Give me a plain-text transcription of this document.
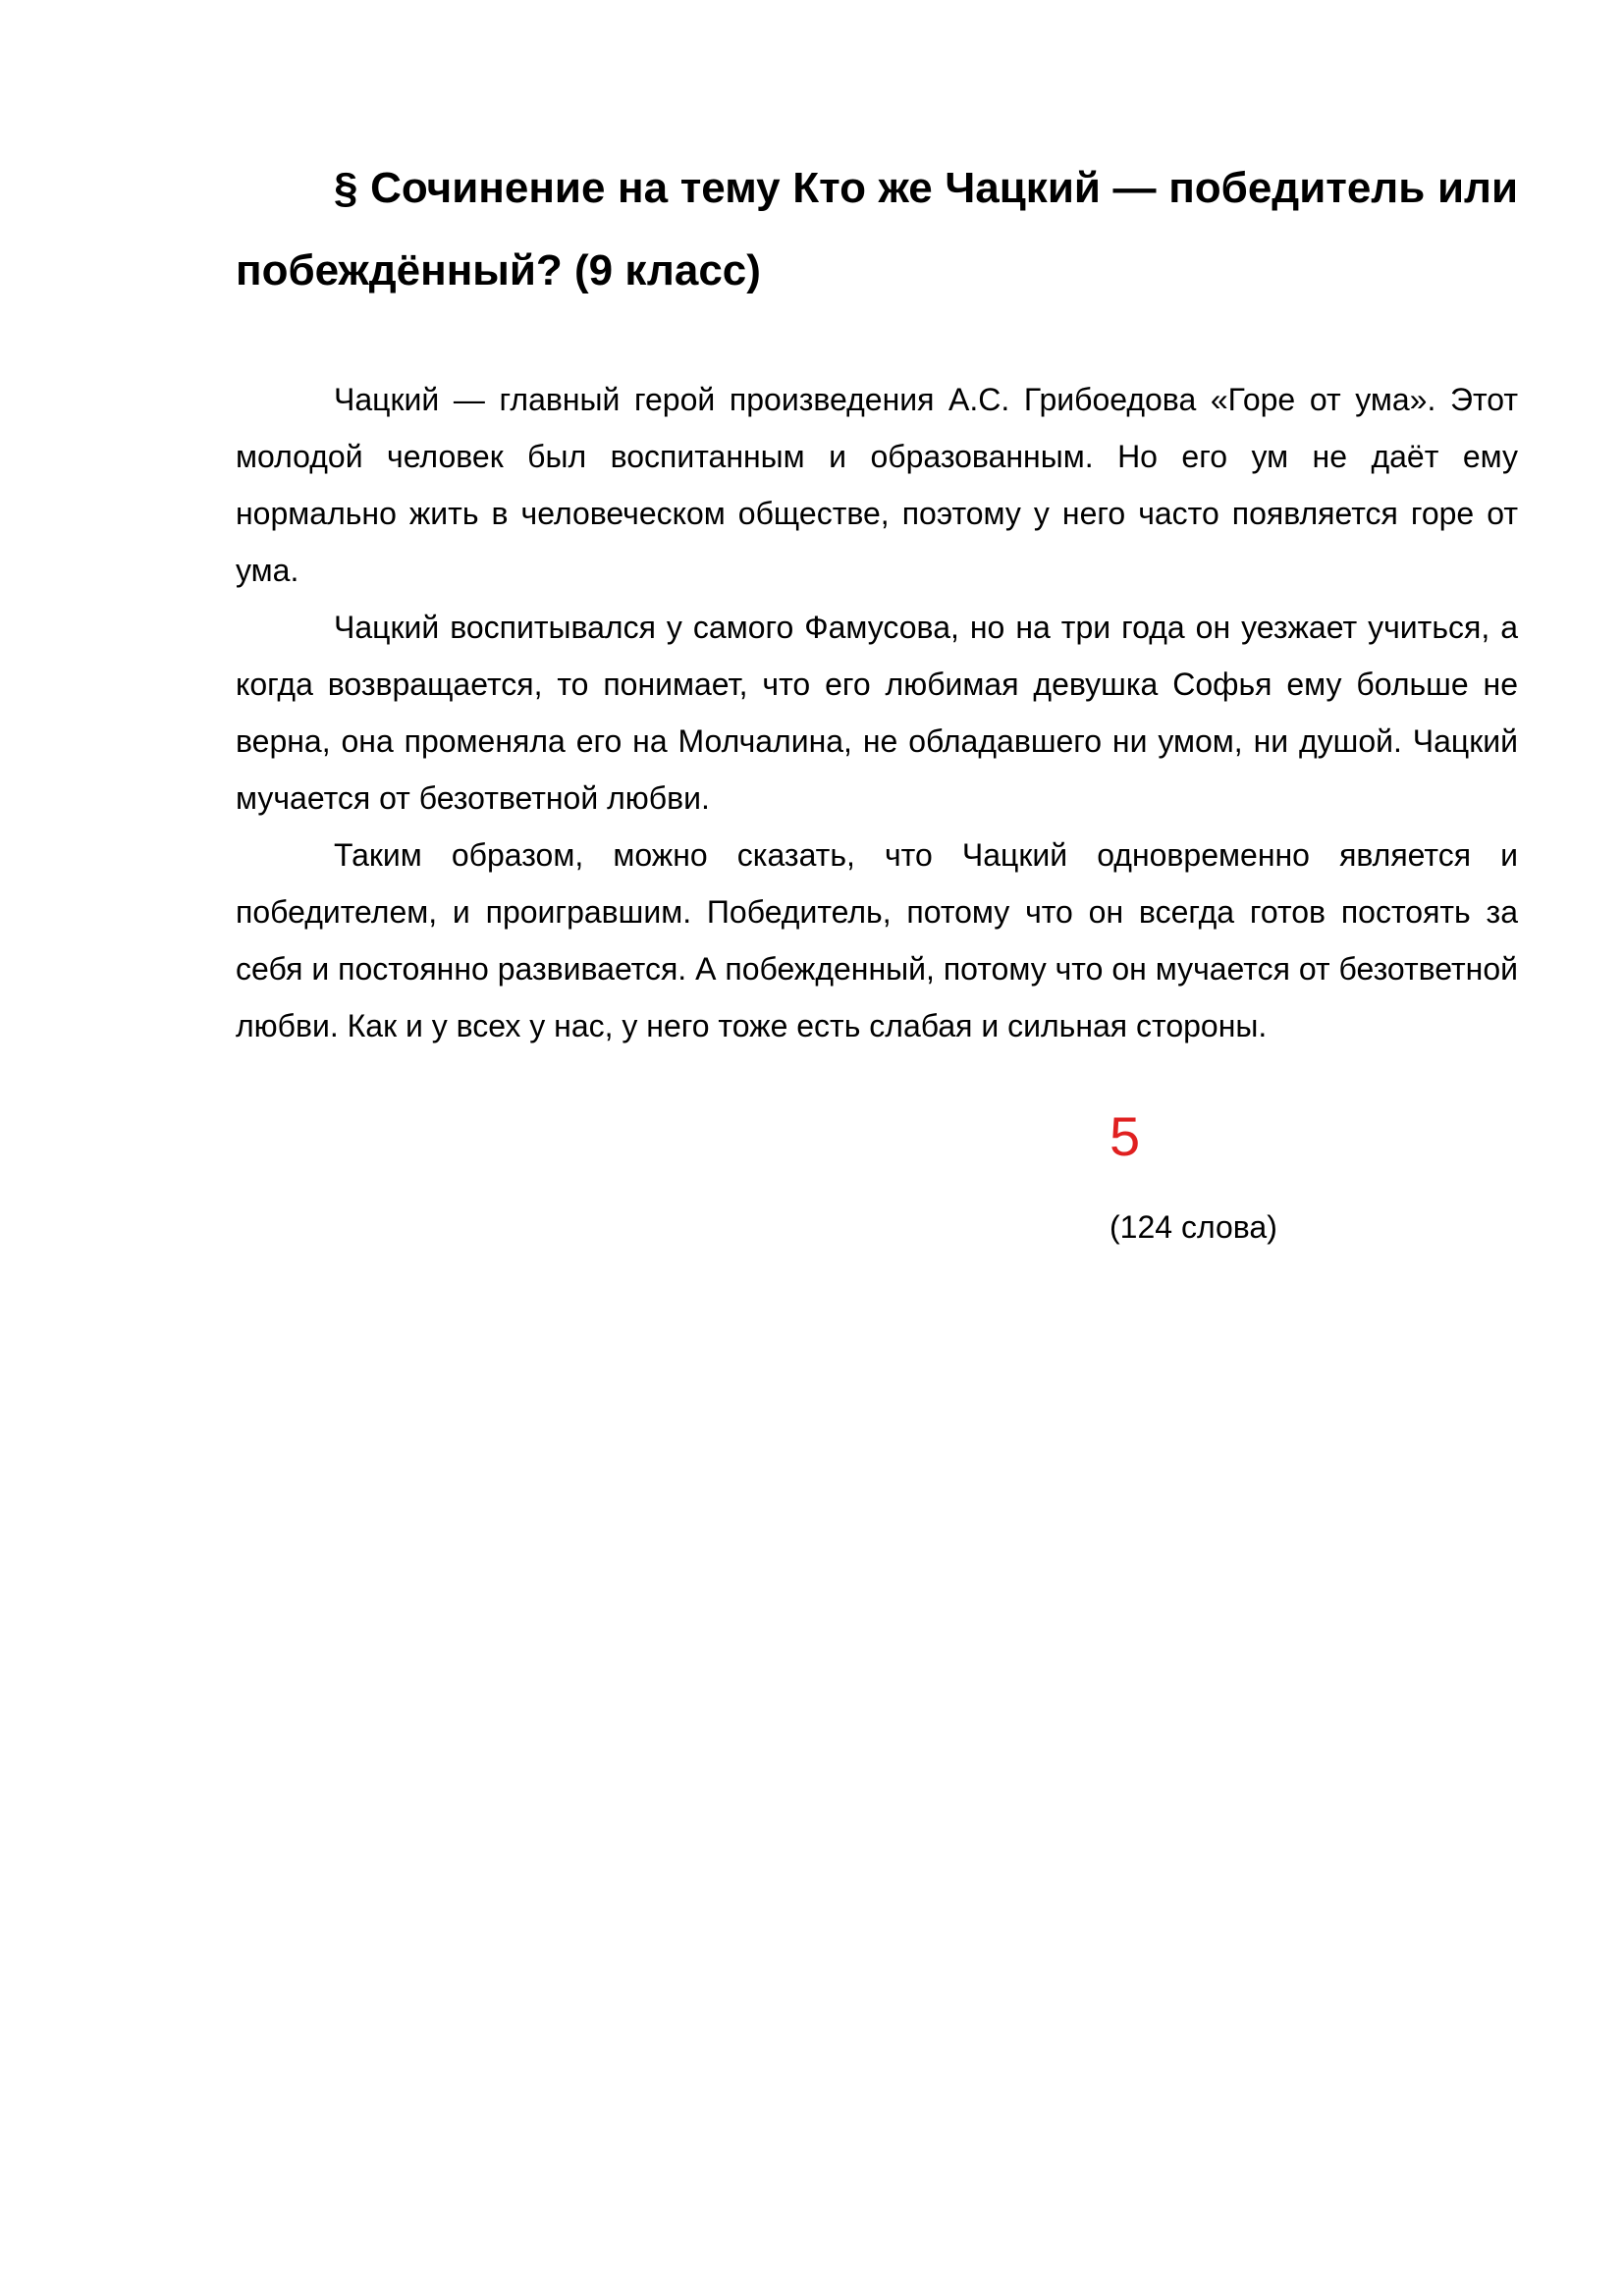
§ Сочинение на тему Кто же Чацкий — победитель или побеждённый? (9 класс)

Чацкий — главный герой произведения А.С. Грибоедова «Горе от ума». Этот молодой человек был воспитанным и образованным. Но его ум не даёт ему нормально жить в человеческом обществе, поэтому у него часто появляется горе от ума.

Чацкий воспитывался у самого Фамусова, но на три года он уезжает учиться, а когда возвращается, то понимает, что его любимая девушка Софья ему больше не верна, она променяла его на Молчалина, не обладавшего ни умом, ни душой. Чацкий мучается от безответной любви.

Таким образом, можно сказать, что Чацкий одновременно является и победителем, и проигравшим. Победитель, потому что он всегда готов постоять за себя и постоянно развивается. А побежденный, потому что он мучается от безответной любви. Как и у всех у нас, у него тоже есть слабая и сильная стороны.

5
(124 слова)
